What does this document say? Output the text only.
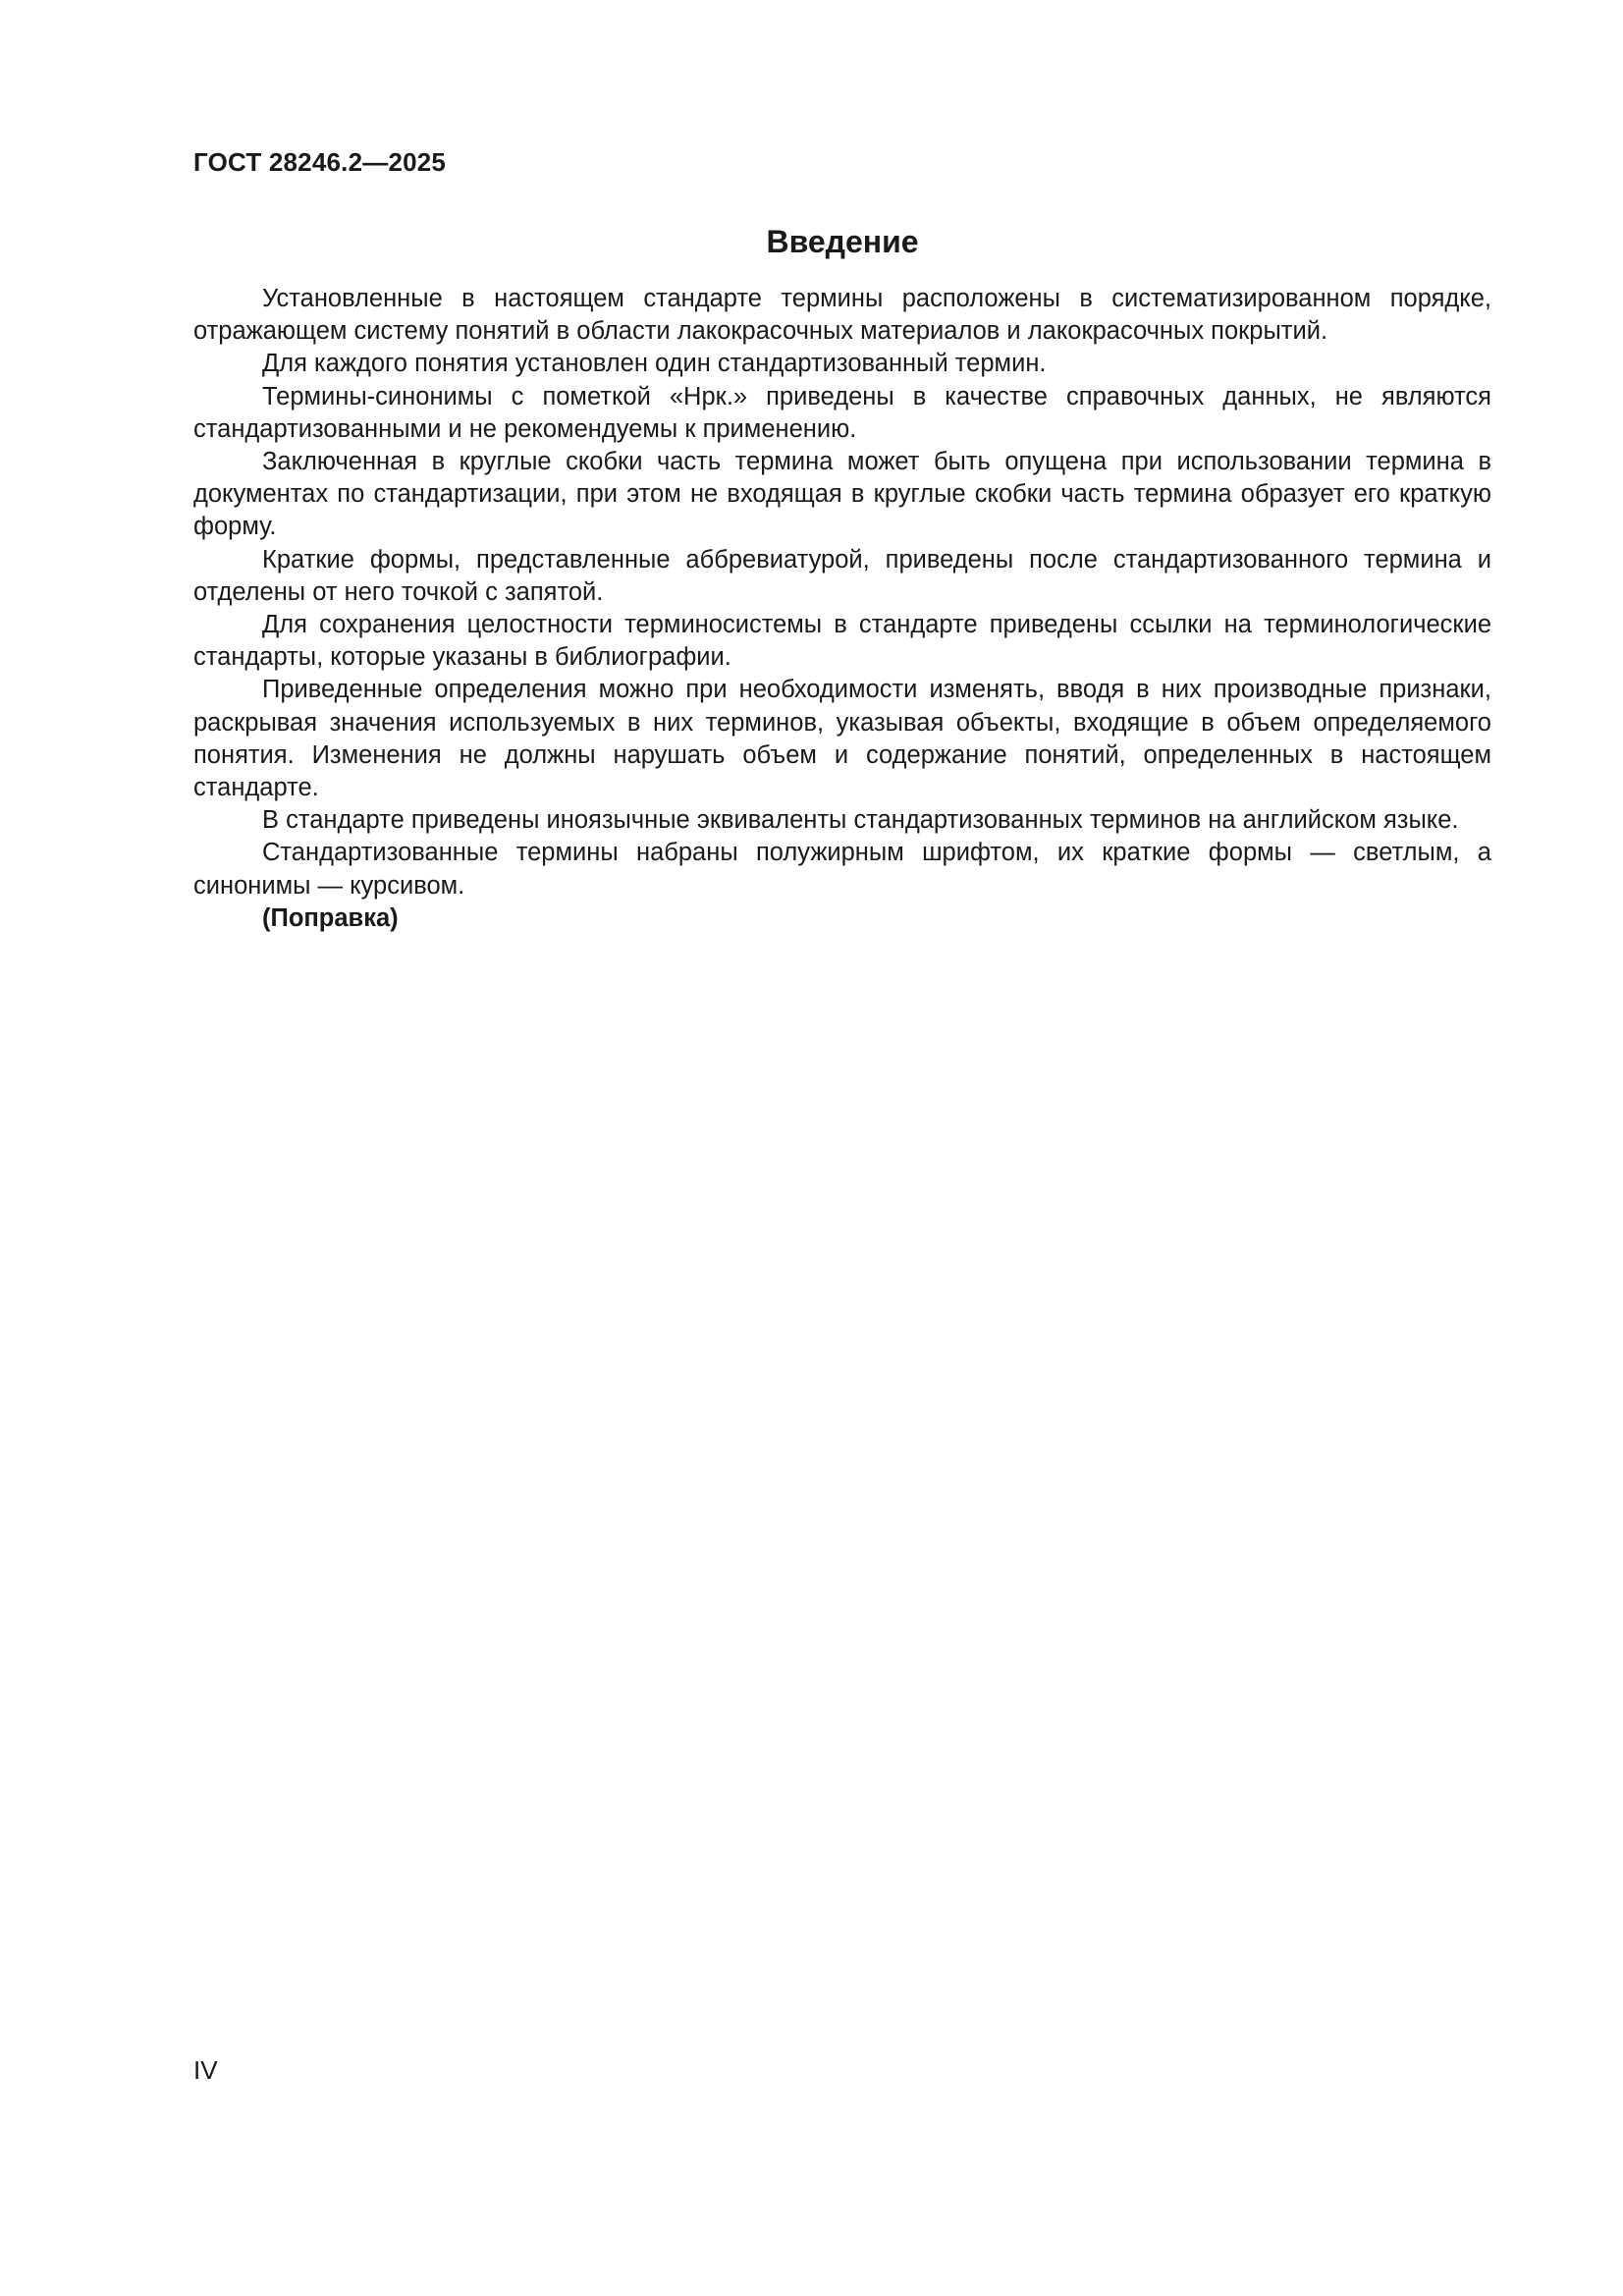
ГОСТ 28246.2—2025
Введение

Установленные в настоящем стандарте термины расположены в систематизированном порядке, отражающем систему понятий в области лакокрасочных материалов и лакокрасочных покрытий.

Для каждого понятия установлен один стандартизованный термин.

Термины-синонимы с пометкой «Нрк.» приведены в качестве справочных данных, не являются стандартизованными и не рекомендуемы к применению.

Заключенная в круглые скобки часть термина может быть опущена при использовании термина в документах по стандартизации, при этом не входящая в круглые скобки часть термина образует его краткую форму.

Краткие формы, представленные аббревиатурой, приведены после стандартизованного термина и отделены от него точкой с запятой.

Для сохранения целостности терминосистемы в стандарте приведены ссылки на терминологические стандарты, которые указаны в библиографии.

Приведенные определения можно при необходимости изменять, вводя в них производные признаки, раскрывая значения используемых в них терминов, указывая объекты, входящие в объем определяемого понятия. Изменения не должны нарушать объем и содержание понятий, определенных в настоящем стандарте.

В стандарте приведены иноязычные эквиваленты стандартизованных терминов на английском языке.

Стандартизованные термины набраны полужирным шрифтом, их краткие формы — светлым, а синонимы — курсивом.

(Поправка)

IV
